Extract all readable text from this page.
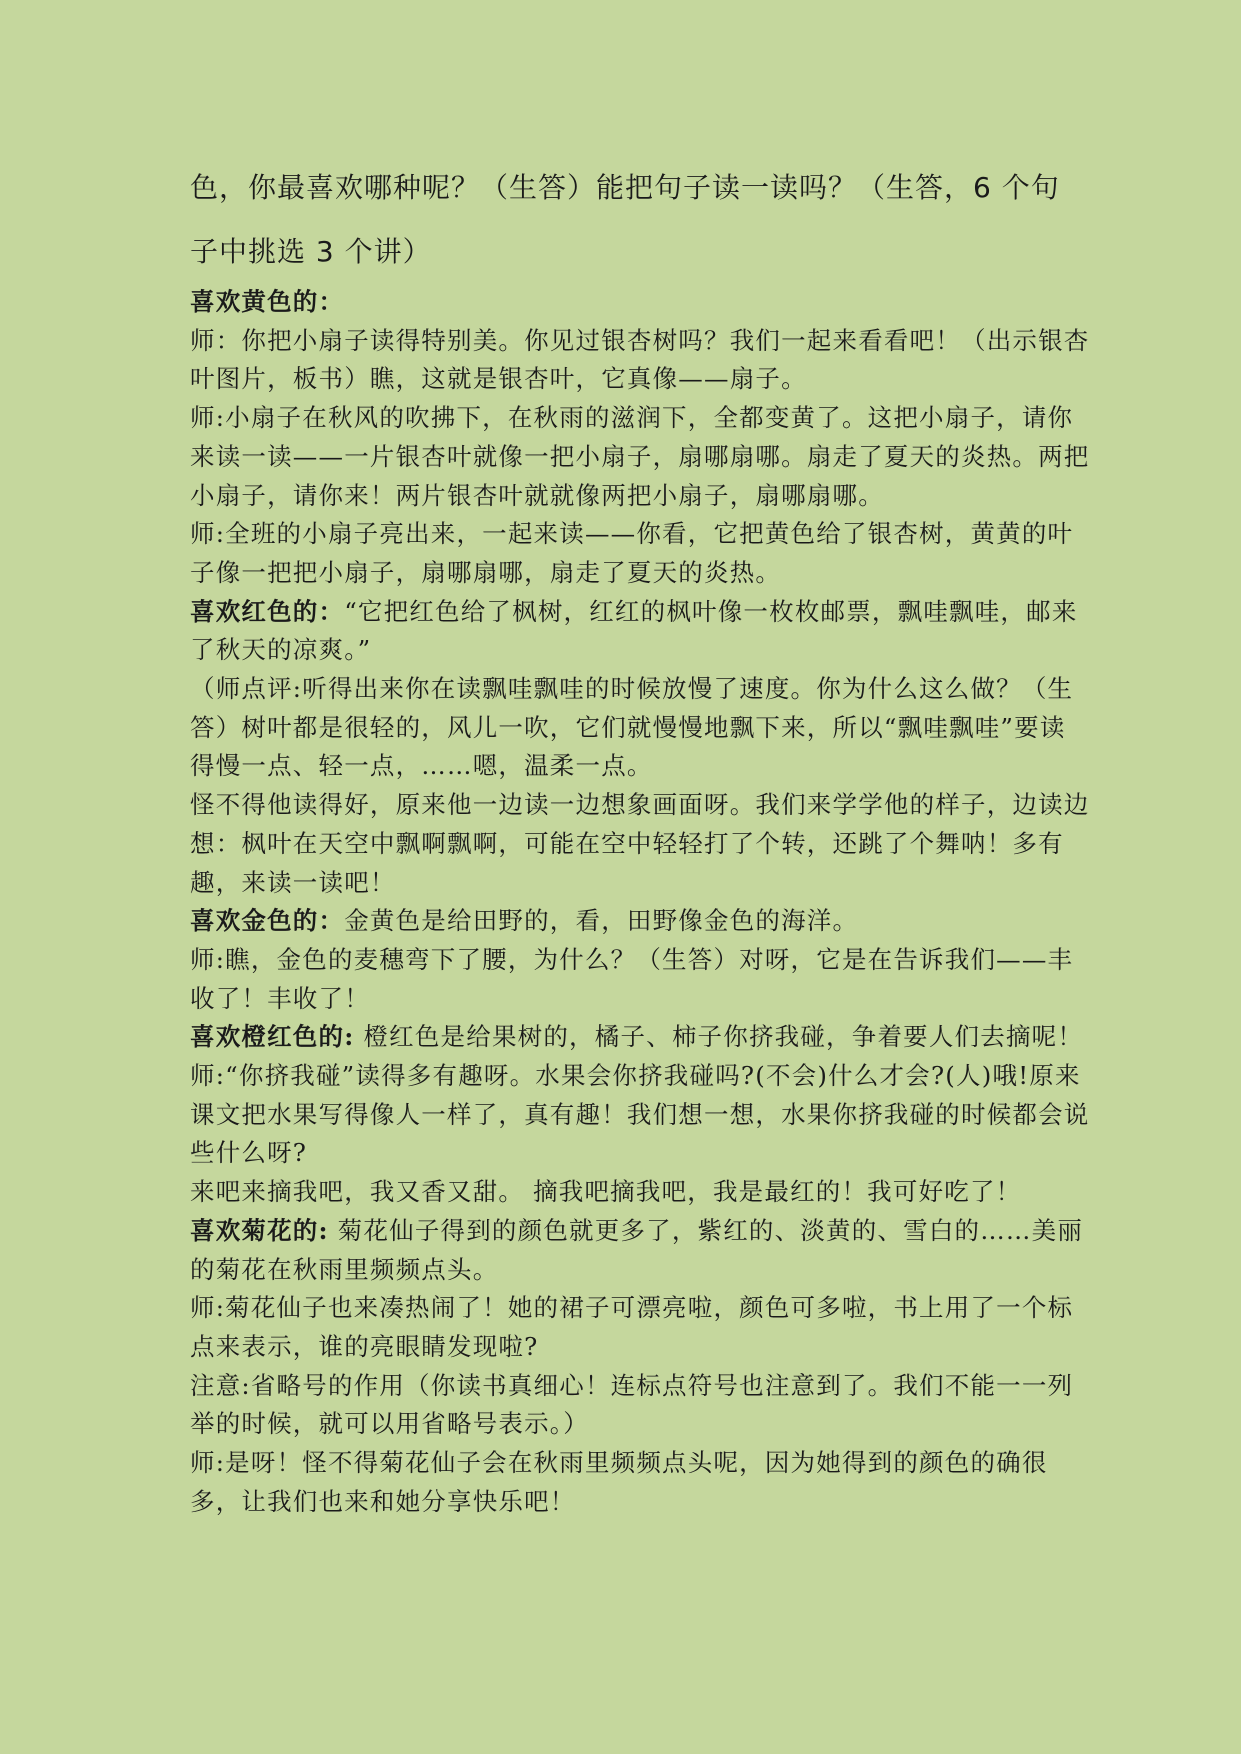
色，你最喜欢哪种呢？（生答）能把句子读一读吗？（生答，6 个句

子中挑选 3 个讲）

喜欢黄色的：

师：你把小扇子读得特别美。你见过银杏树吗？我们一起来看看吧！（出示银杏叶图片，板书）瞧，这就是银杏叶，它真像——扇子。

师:小扇子在秋风的吹拂下，在秋雨的滋润下，全都变黄了。这把小扇子，请你来读一读——一片银杏叶就像一把小扇子，扇哪扇哪。扇走了夏天的炎热。两把小扇子，请你来！两片银杏叶就就像两把小扇子，扇哪扇哪。

师:全班的小扇子亮出来，一起来读——你看，它把黄色给了银杏树，黄黄的叶子像一把把小扇子，扇哪扇哪，扇走了夏天的炎热。

喜欢红色的：“它把红色给了枫树，红红的枫叶像一枚枚邮票，飘哇飘哇，邮来了秋天的凉爽。”

（师点评:听得出来你在读飘哇飘哇的时候放慢了速度。你为什么这么做？（生答）树叶都是很轻的，风儿一吹，它们就慢慢地飘下来，所以“飘哇飘哇”要读得慢一点、轻一点，……嗯，温柔一点。

怪不得他读得好，原来他一边读一边想象画面呀。我们来学学他的样子，边读边想：枫叶在天空中飘啊飘啊，可能在空中轻轻打了个转，还跳了个舞呐！多有趣，来读一读吧！

喜欢金色的：金黄色是给田野的，看，田野像金色的海洋。

师:瞧，金色的麦穗弯下了腰，为什么？（生答）对呀，它是在告诉我们——丰收了！丰收了！

喜欢橙红色的: 橙红色是给果树的，橘子、柿子你挤我碰，争着要人们去摘呢！

师:“你挤我碰”读得多有趣呀。水果会你挤我碰吗?(不会)什么才会?(人)哦!原来课文把水果写得像人一样了，真有趣！我们想一想，水果你挤我碰的时候都会说些什么呀?

来吧来摘我吧，我又香又甜。 摘我吧摘我吧，我是最红的！我可好吃了！

喜欢菊花的: 菊花仙子得到的颜色就更多了，紫红的、淡黄的、雪白的……美丽的菊花在秋雨里频频点头。

师:菊花仙子也来凑热闹了！她的裙子可漂亮啦，颜色可多啦，书上用了一个标点来表示，谁的亮眼睛发现啦?

注意:省略号的作用（你读书真细心！连标点符号也注意到了。我们不能一一列举的时候，就可以用省略号表示。）

师:是呀！怪不得菊花仙子会在秋雨里频频点头呢，因为她得到的颜色的确很多，让我们也来和她分享快乐吧！
